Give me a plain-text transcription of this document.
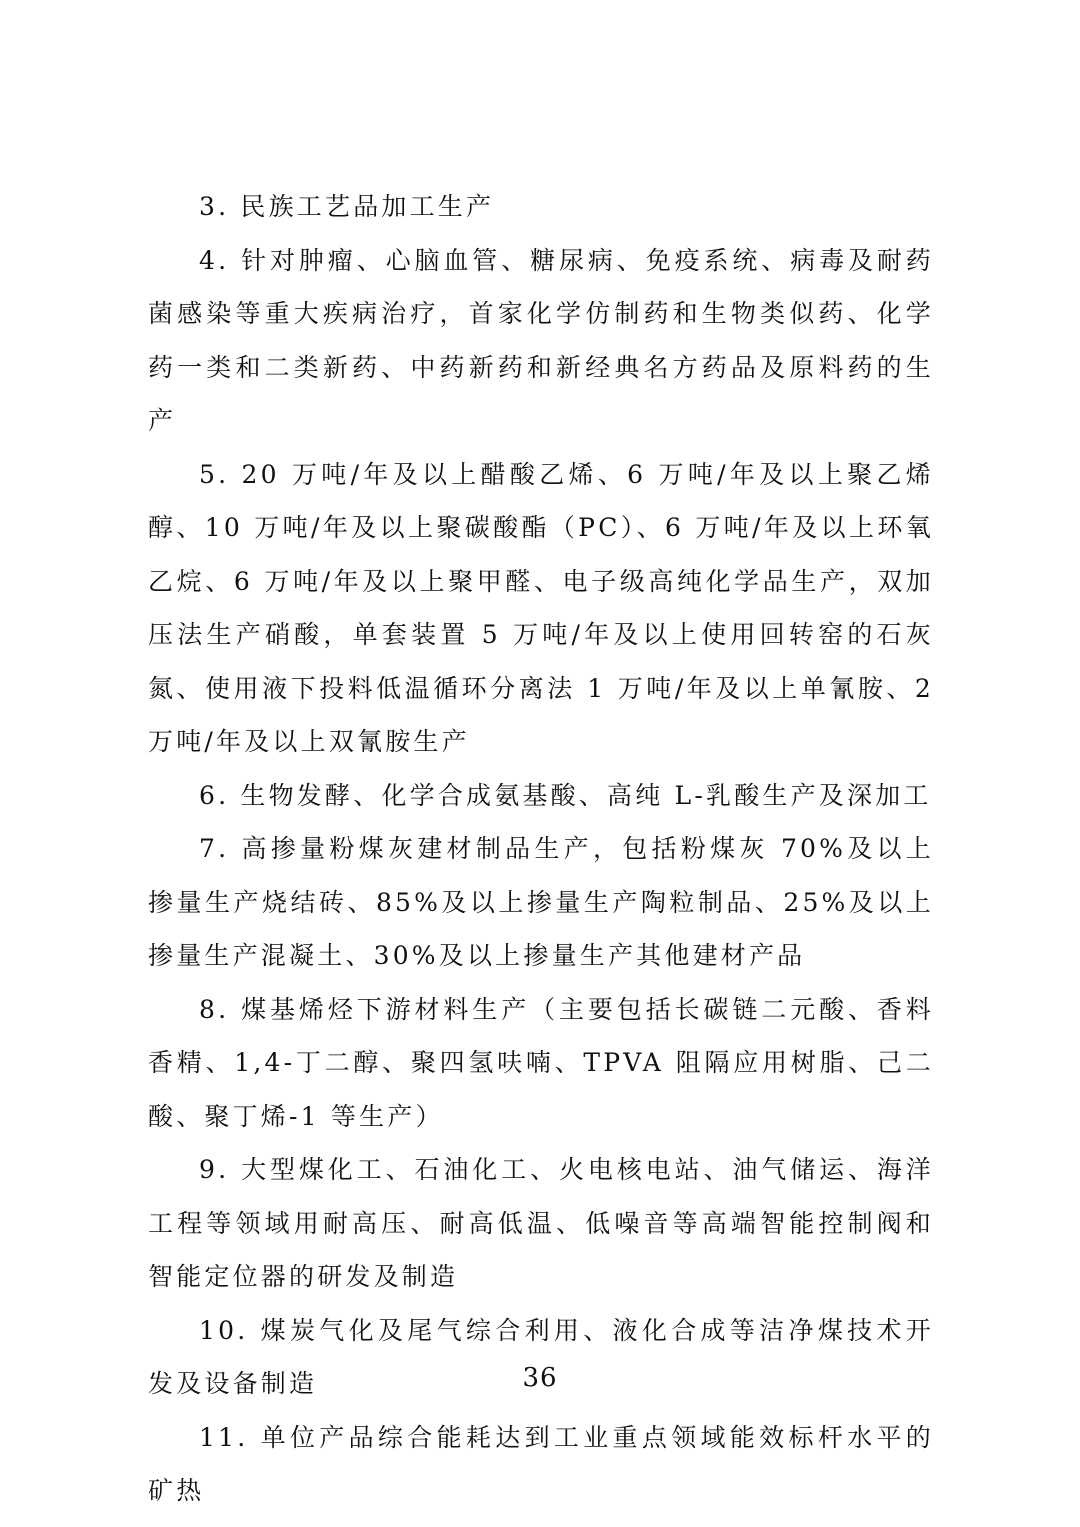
3. 民族工艺品加工生产

4. 针对肿瘤、心脑血管、糖尿病、免疫系统、病毒及耐药菌感染等重大疾病治疗，首家化学仿制药和生物类似药、化学药一类和二类新药、中药新药和新经典名方药品及原料药的生产

5. 20 万吨/年及以上醋酸乙烯、6 万吨/年及以上聚乙烯醇、10 万吨/年及以上聚碳酸酯（PC）、6 万吨/年及以上环氧乙烷、6 万吨/年及以上聚甲醛、电子级高纯化学品生产，双加压法生产硝酸，单套装置 5 万吨/年及以上使用回转窑的石灰氮、使用液下投料低温循环分离法 1 万吨/年及以上单氰胺、2 万吨/年及以上双氰胺生产

6. 生物发酵、化学合成氨基酸、高纯 L-乳酸生产及深加工

7. 高掺量粉煤灰建材制品生产，包括粉煤灰 70%及以上掺量生产烧结砖、85%及以上掺量生产陶粒制品、25%及以上掺量生产混凝土、30%及以上掺量生产其他建材产品

8. 煤基烯烃下游材料生产（主要包括长碳链二元酸、香料香精、1,4-丁二醇、聚四氢呋喃、TPVA 阻隔应用树脂、己二酸、聚丁烯-1 等生产）

9. 大型煤化工、石油化工、火电核电站、油气储运、海洋工程等领域用耐高压、耐高低温、低噪音等高端智能控制阀和智能定位器的研发及制造

10. 煤炭气化及尾气综合利用、液化合成等洁净煤技术开发及设备制造

11. 单位产品综合能耗达到工业重点领域能效标杆水平的矿热

36
